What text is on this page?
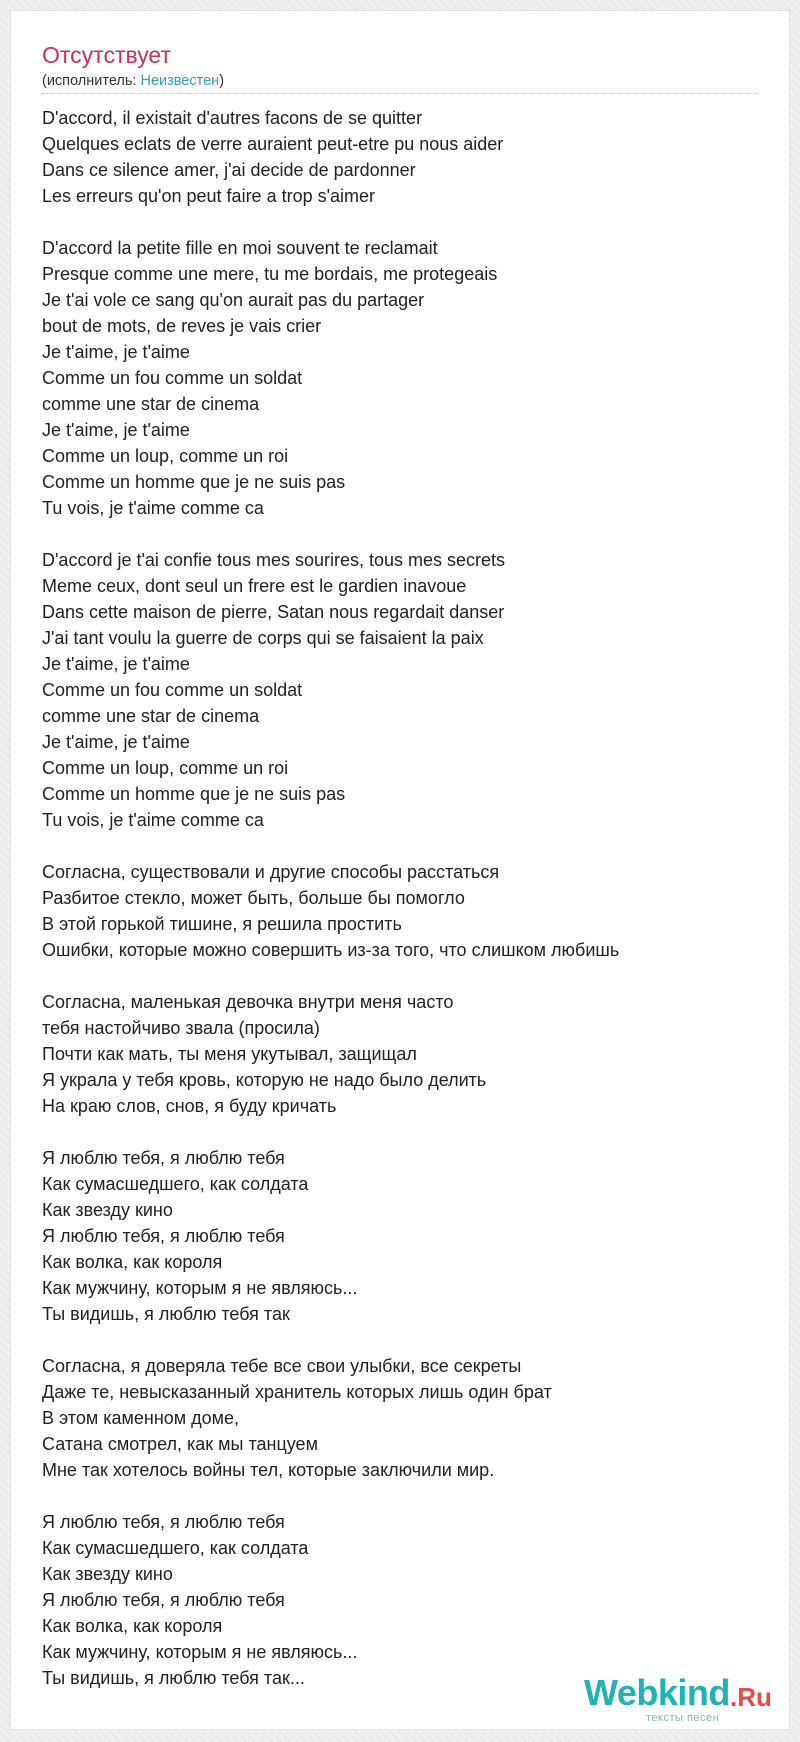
Отсутствует
(исполнитель: Неизвестен)
D'accord, il existait d'autres facons de se quitter
Quelques eclats de verre auraient peut-etre pu nous aider
Dans ce silence amer, j'ai decide de pardonner
Les erreurs qu'on peut faire a trop s'aimer
D'accord la petite fille en moi souvent te reclamait
Presque comme une mere, tu me bordais, me protegeais
Je t'ai vole ce sang qu'on aurait pas du partager
bout de mots, de reves je vais crier
Je t'aime, je t'aime
Comme un fou comme un soldat
comme une star de cinema
Je t'aime, je t'aime
Comme un loup, comme un roi
Comme un homme que je ne suis pas
Tu vois, je t'aime comme ca
D'accord je t'ai confie tous mes sourires, tous mes secrets
Meme ceux, dont seul un frere est le gardien inavoue
Dans cette maison de pierre, Satan nous regardait danser
J'ai tant voulu la guerre de corps qui se faisaient la paix
Je t'aime, je t'aime
Comme un fou comme un soldat
comme une star de cinema
Je t'aime, je t'aime
Comme un loup, comme un roi
Comme un homme que je ne suis pas
Tu vois, je t'aime comme ca
Согласна, существовали и другие способы расстаться
Разбитое стекло, может быть, больше бы помогло
В этой горькой тишине, я решила простить
Ошибки, которые можно совершить из-за того, что слишком любишь
Согласна, маленькая девочка внутри меня часто
тебя настойчиво звала (просила)
Почти как мать, ты меня укутывал, защищал
Я украла у тебя кровь, которую не надо было делить
На краю слов, снов, я буду кричать
Я люблю тебя, я люблю тебя
Как сумасшедшего, как солдата
Как звезду кино
Я люблю тебя, я люблю тебя
Как волка, как короля
Как мужчину, которым я не являюсь...
Ты видишь, я люблю тебя так
Согласна, я доверяла тебе все свои улыбки, все секреты
Даже те, невысказанный хранитель которых лишь один брат
В этом каменном доме,
Сатана смотрел, как мы танцуем
Мне так хотелось войны тел, которые заключили мир.
Я люблю тебя, я люблю тебя
Как сумасшедшего, как солдата
Как звезду кино
Я люблю тебя, я люблю тебя
Как волка, как короля
Как мужчину, которым я не являюсь...
Ты видишь, я люблю тебя так...	Webkind .Ru
тексты песен
